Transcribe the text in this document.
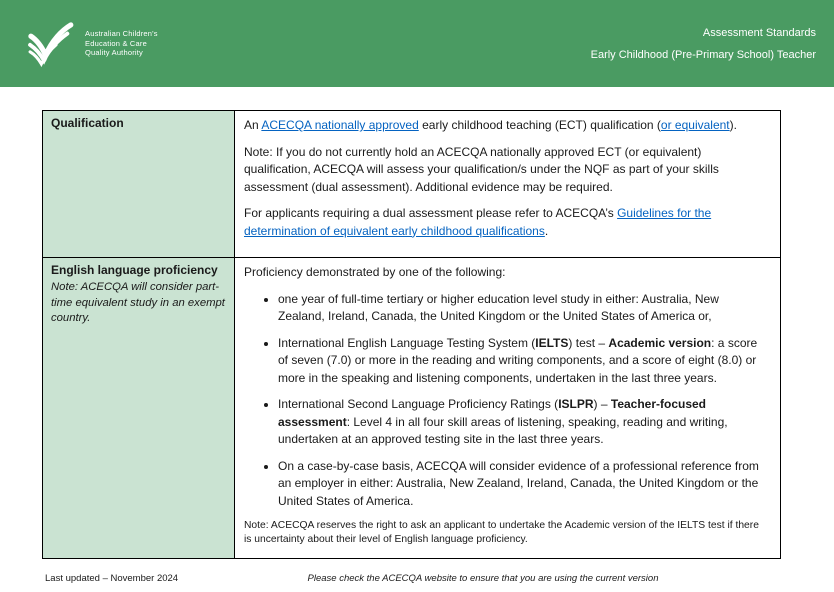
Australian Children's
Education & Care
Quality Authority
Assessment Standards
Early Childhood (Pre-Primary School) Teacher
Qualification	An ACECQA nationally approved early childhood teaching (ECT) qualification (or equivalent).

Note: If you do not currently hold an ACECQA nationally approved ECT (or equivalent) qualification, ACECQA will assess your qualification/s under the NQF as part of your skills assessment (dual assessment). Additional evidence may be required.

For applicants requiring a dual assessment please refer to ACECQA’s Guidelines for the determination of equivalent early childhood qualifications.

English language proficiency
Note: ACECQA will consider part-time equivalent study in an exempt country.

Proficiency demonstrated by one of the following:

• one year of full-time tertiary or higher education level study in either: Australia, New Zealand, Ireland, Canada, the United Kingdom or the United States of America or,
• International English Language Testing System (IELTS) test – Academic version: a score of seven (7.0) or more in the reading and writing components, and a score of eight (8.0) or more in the speaking and listening components, undertaken in the last three years.
• International Second Language Proficiency Ratings (ISLPR) – Teacher-focused assessment: Level 4 in all four skill areas of listening, speaking, reading and writing, undertaken at an approved testing site in the last three years.
• On a case-by-case basis, ACECQA will consider evidence of a professional reference from an employer in either: Australia, New Zealand, Ireland, Canada, the United Kingdom or the United States of America.

Note: ACECQA reserves the right to ask an applicant to undertake the Academic version of the IELTS test if there is uncertainty about their level of English language proficiency.

Last updated – November 2024	Please check the ACECQA website to ensure that you are using the current version
